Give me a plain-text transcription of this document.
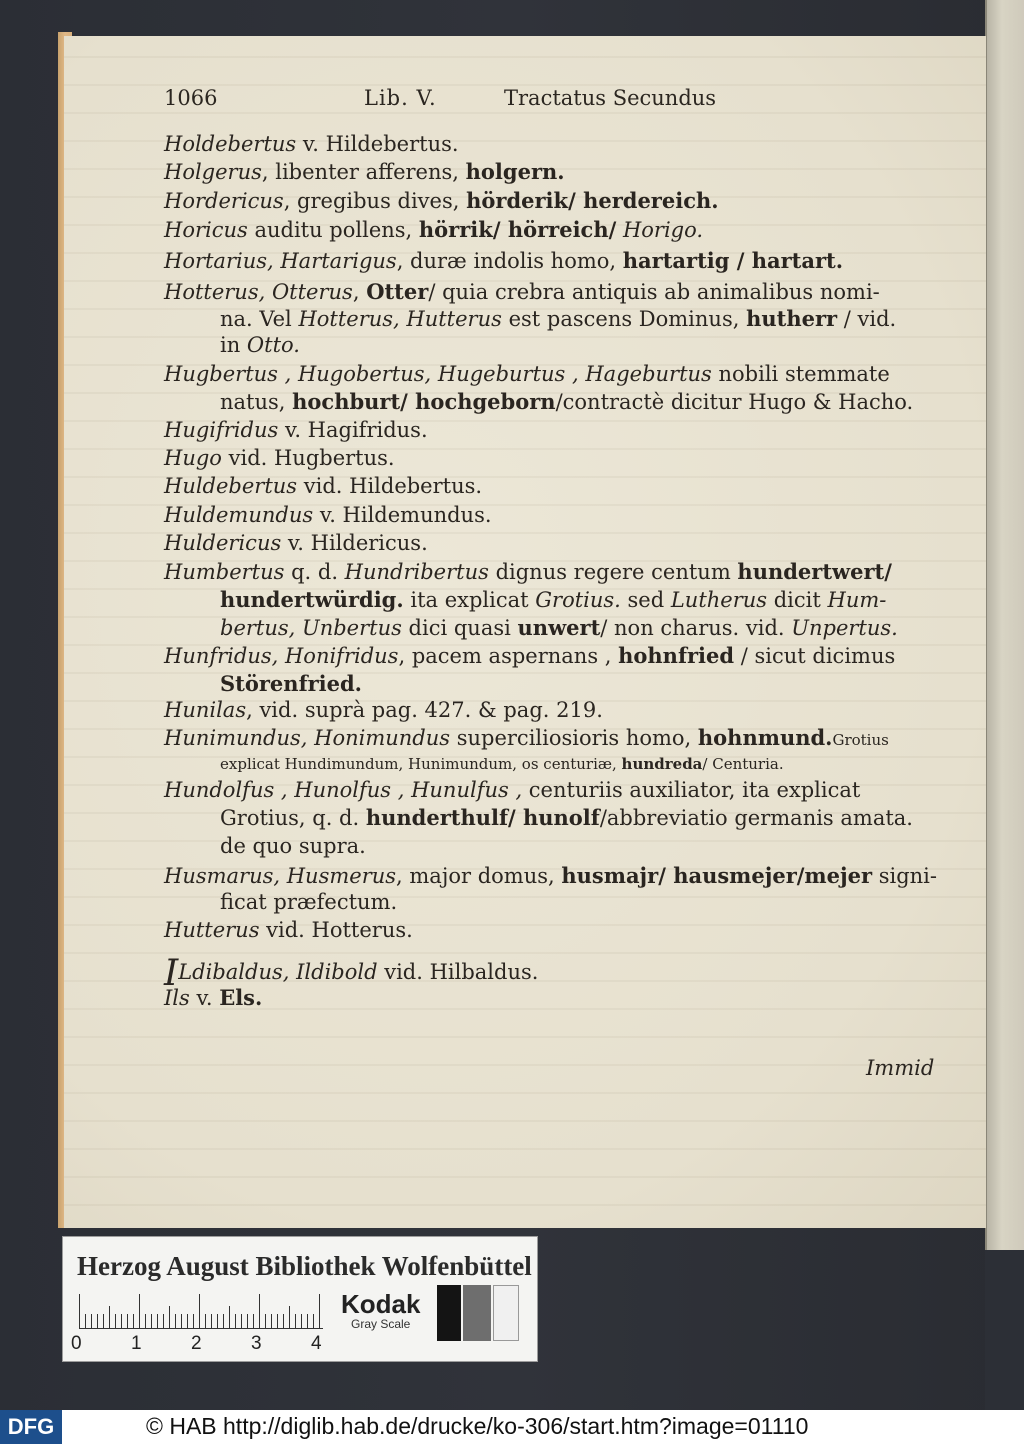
1066	Lib. V.	Tractatus Secundus
Holdebertus v. Hildebertus.
Holgerus, libenter afferens, holgern.
Hordericus, gregibus dives, hörderik/ herdereich.
Horicus auditu pollens, hörrik/ hörreich/ Horigo.
Hortarius, Hartarigus, duræ indolis homo, hartartig / hartart.
Hotterus, Otterus, Otter/ quia crebra antiquis ab animalibus nomi-
na. Vel Hotterus, Hutterus est pascens Dominus, hutherr / vid.
in Otto.
Hugbertus , Hugobertus, Hugeburtus , Hageburtus nobili stemmate
natus, hochburt/ hochgeborn/contractè dicitur Hugo & Hacho.
Hugifridus v. Hagifridus.
Hugo vid. Hugbertus.
Huldebertus vid. Hildebertus.
Huldemundus v. Hildemundus.
Huldericus v. Hildericus.
Humbertus q. d. Hundribertus dignus regere centum hundertwert/
hundertwürdig. ita explicat Grotius. sed Lutherus dicit Hum-
bertus, Unbertus dici quasi unwert/ non charus. vid. Unpertus.
Hunfridus, Honifridus, pacem aspernans , hohnfried / sicut dicimus
Störenfried.
Hunilas, vid. suprà pag. 427. & pag. 219.
Hunimundus, Honimundus superciliosioris homo, hohnmund.Grotius
explicat Hundimundum, Hunimundum, os centuriæ, hundreda/ Centuria.
Hundolfus , Hunolfus , Hunulfus , centuriis auxiliator, ita explicat
Grotius, q. d. hunderthulf/ hunolf/abbreviatio germanis amata.
de quo supra.
Husmarus, Husmerus, major domus, husmajr/ hausmejer/mejer signi-
ficat præfectum.
Hutterus vid. Hotterus.
ILdibaldus, Ildibold vid. Hilbaldus.
Ils v. Els.
Immid
Herzog August Bibliothek Wolfenbüttel
0	1	2	3	4
Kodak
Gray Scale
DFG	© HAB http://diglib.hab.de/drucke/ko-306/start.htm?image=01110
